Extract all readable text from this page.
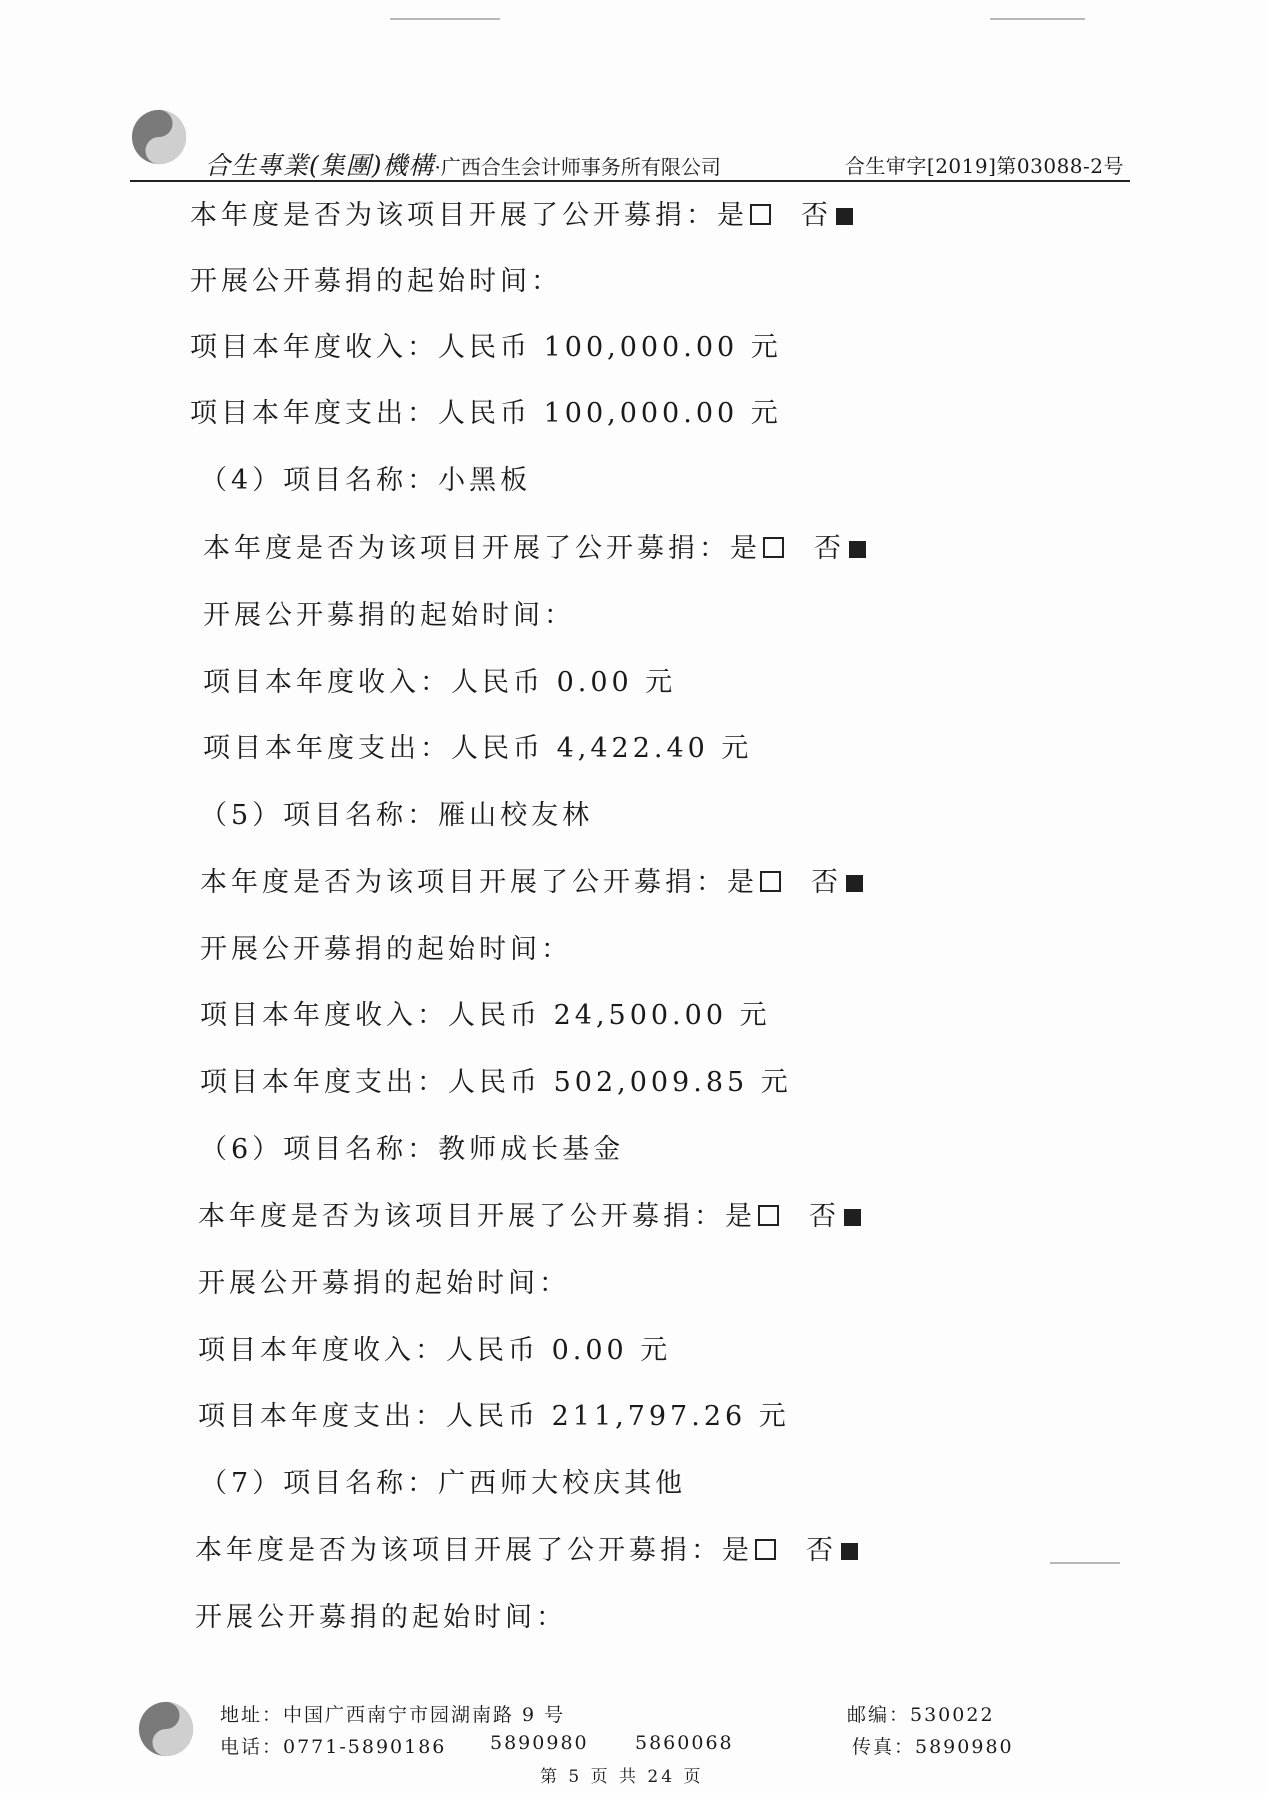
合生專業(集團)機構·广西合生会计师事务所有限公司	合生审字[2019]第03088-2号
本年度是否为该项目开展了公开募捐：是 否
开展公开募捐的起始时间：
项目本年度收入：人民币 100,000.00 元
项目本年度支出：人民币 100,000.00 元
（4）项目名称：小黑板
本年度是否为该项目开展了公开募捐：是 否
开展公开募捐的起始时间：
项目本年度收入：人民币 0.00 元
项目本年度支出：人民币 4,422.40 元
（5）项目名称：雁山校友林
本年度是否为该项目开展了公开募捐：是 否
开展公开募捐的起始时间：
项目本年度收入：人民币 24,500.00 元
项目本年度支出：人民币 502,009.85 元
（6）项目名称：教师成长基金
本年度是否为该项目开展了公开募捐：是 否
开展公开募捐的起始时间：
项目本年度收入：人民币 0.00 元
项目本年度支出：人民币 211,797.26 元
（7）项目名称：广西师大校庆其他
本年度是否为该项目开展了公开募捐：是 否
开展公开募捐的起始时间：
地址：中国广西南宁市园湖南路 9 号	邮编：530022
电话：0771-5890186 5890980 5860068	传真：5890980
第 5 页 共 24 页
